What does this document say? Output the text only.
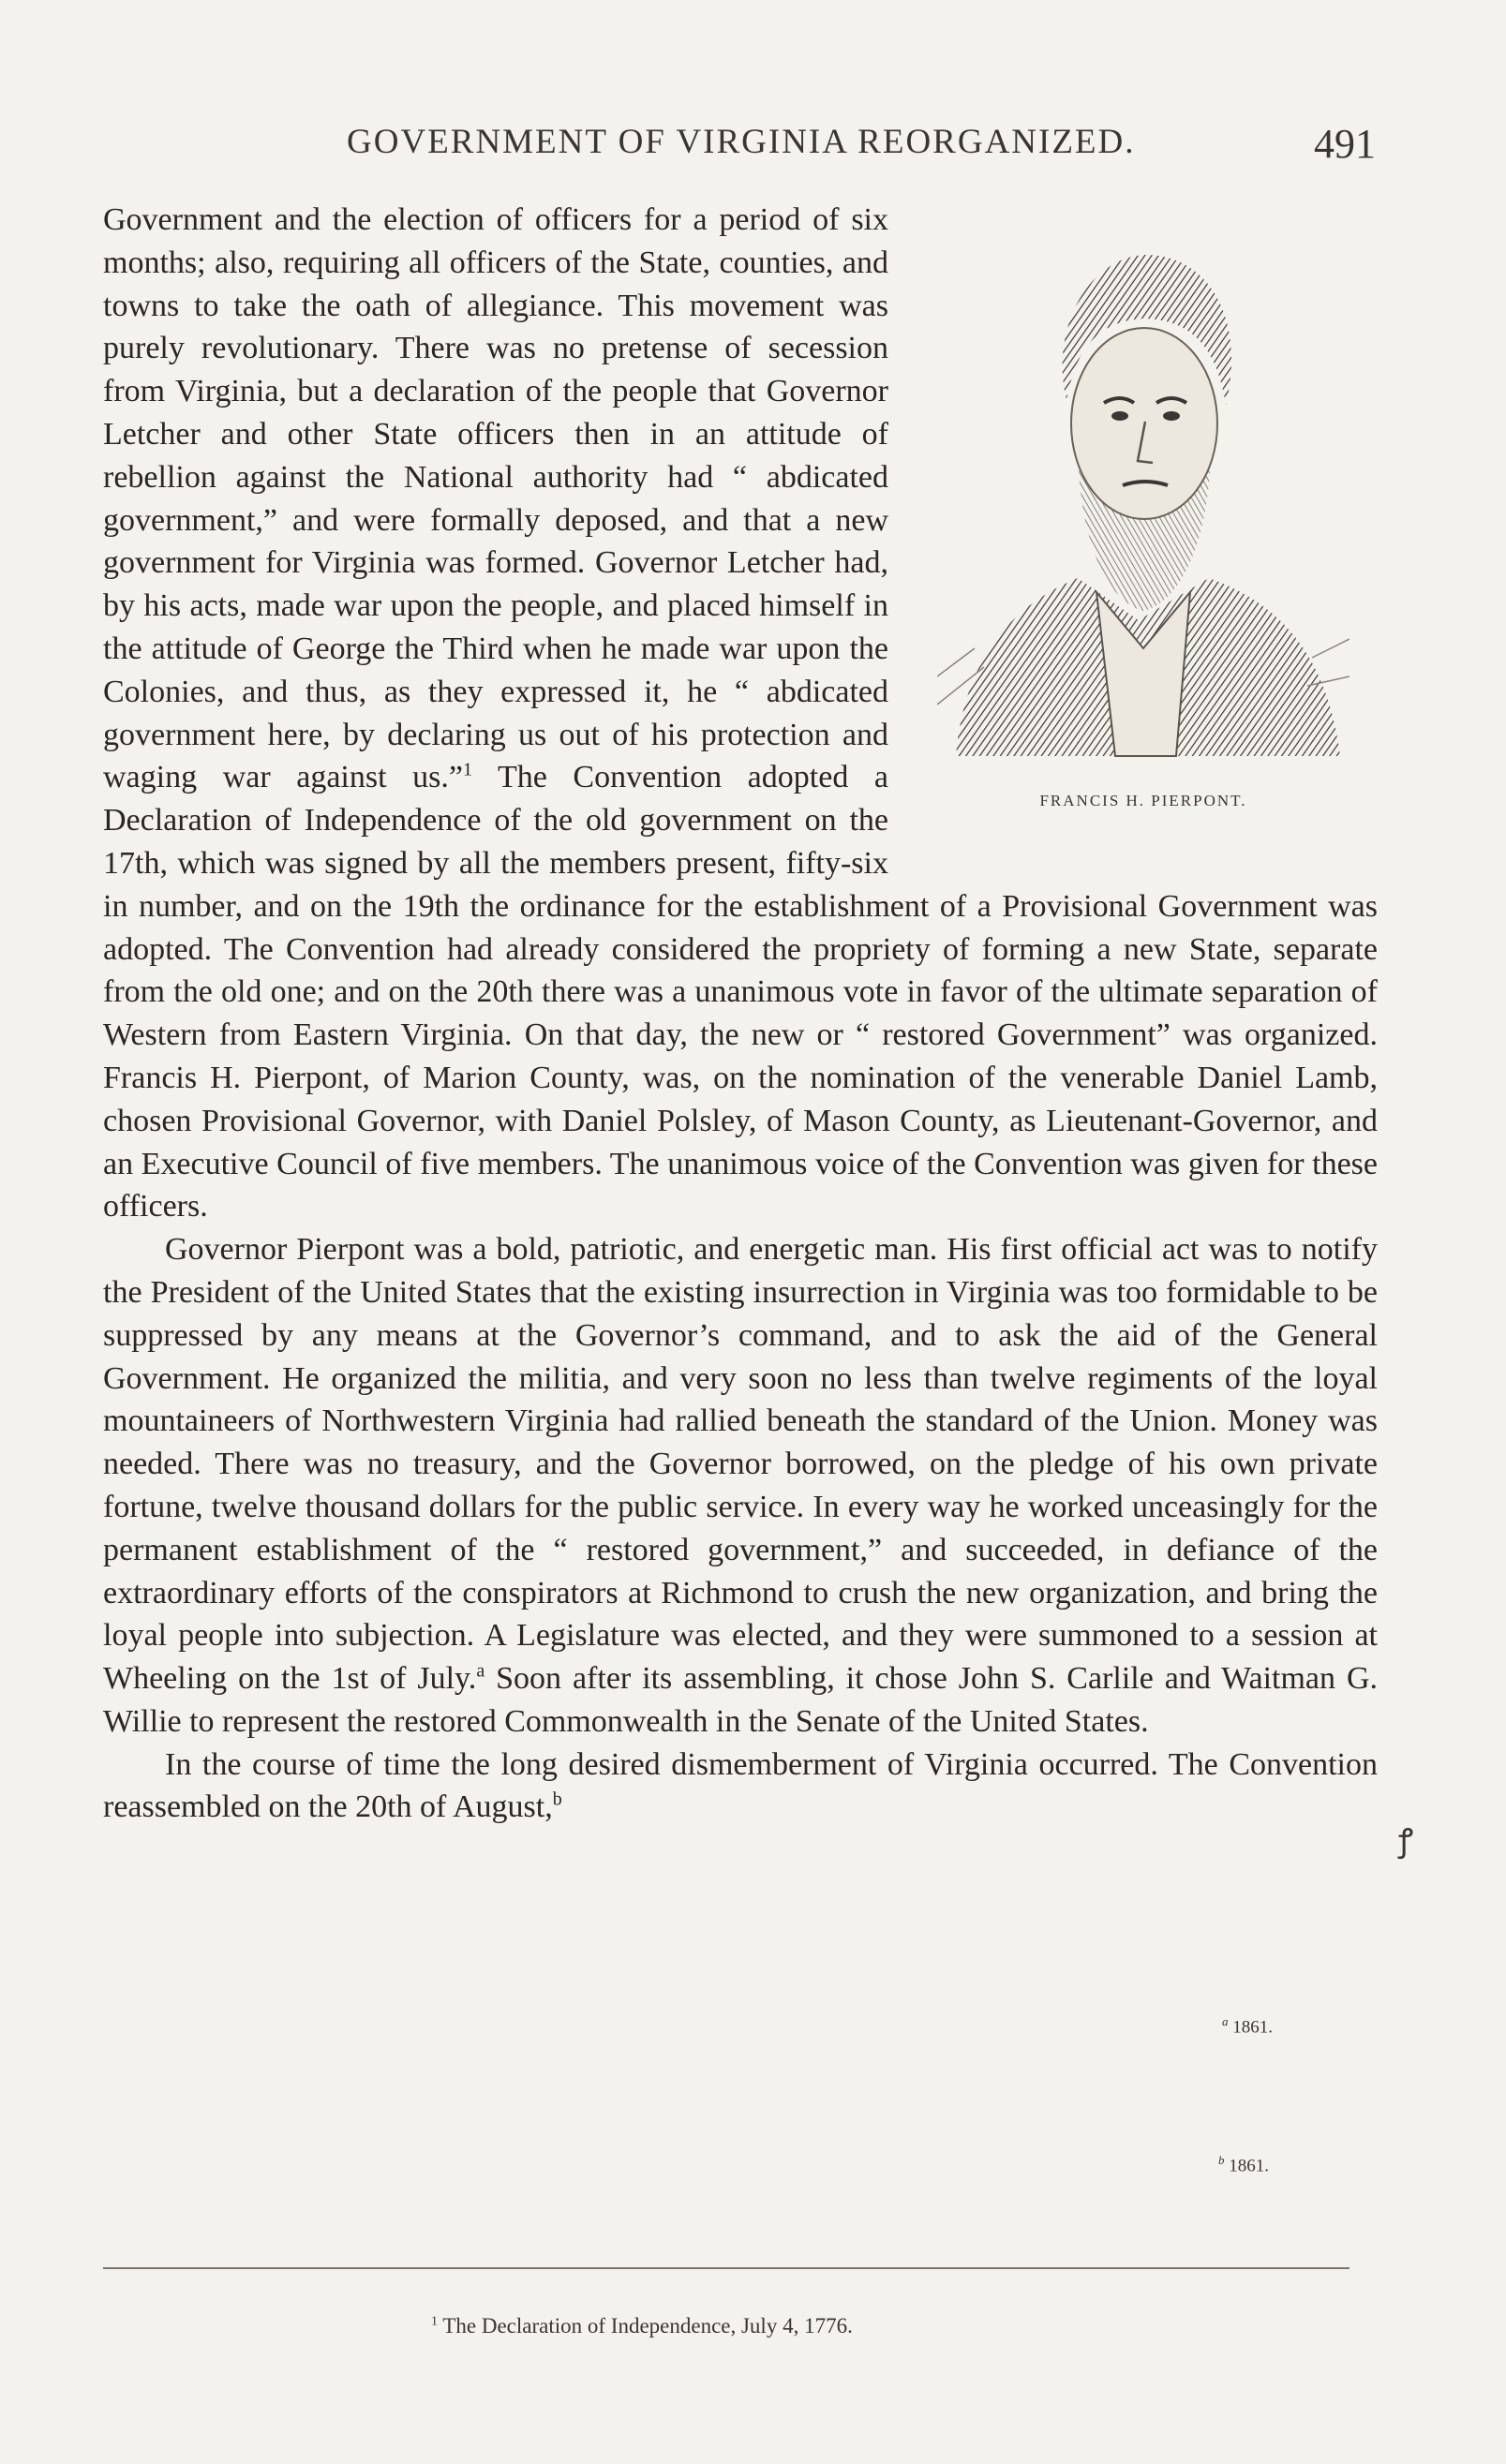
GOVERNMENT OF VIRGINIA REORGANIZED.	491

FRANCIS H. PIERPONT.
Government and the election of officers for a period of six months; also, requiring all officers of the State, counties, and towns to take the oath of allegiance. This movement was purely revolutionary. There was no pretense of secession from Virginia, but a declaration of the people that Governor Letcher and other State officers then in an attitude of rebellion against the National authority had “ abdicated government,” and were formally deposed, and that a new government for Virginia was formed. Governor Letcher had, by his acts, made war upon the people, and placed himself in the attitude of George the Third when he made war upon the Colonies, and thus, as they expressed it, he “ abdicated government here, by declaring us out of his protection and waging war against us.”$^1$ The Convention adopted a Declaration of Independence of the old government on the 17th, which was signed by all the members present, fifty-six in number, and on the 19th the ordinance for the establishment of a Provisional Government was adopted. The Convention had already considered the propriety of forming a new State, separate from the old one; and on the 20th there was a unanimous vote in favor of the ultimate separation of Western from Eastern Virginia. On that day, the new or “ restored Government” was organized. Francis H. Pierpont, of Marion County, was, on the nomination of the venerable Daniel Lamb, chosen Provisional Governor, with Daniel Polsley, of Mason County, as Lieutenant-Governor, and an Executive Council of five members. The unanimous voice of the Convention was given for these officers.

Governor Pierpont was a bold, patriotic, and energetic man. His first official act was to notify the President of the United States that the existing insurrection in Virginia was too formidable to be suppressed by any means at the Governor’s command, and to ask the aid of the General Government. He organized the militia, and very soon no less than twelve regiments of the loyal mountaineers of Northwestern Virginia had rallied beneath the standard of the Union. Money was needed. There was no treasury, and the Governor borrowed, on the pledge of his own private fortune, twelve thousand dollars for the public service. In every way he worked unceasingly for the permanent establishment of the “ restored government,” and succeeded, in defiance of the extraordinary efforts of the conspirators at Richmond to crush the new organization, and bring the loyal people into subjection. A Legislature was elected, and they were summoned to a session at Wheeling on the 1st of July.$^a$ Soon after its assembling, it chose John S. Carlile and Waitman G. Willie to represent the restored Commonwealth in the Senate of the United States.

In the course of time the long desired dismemberment of Virginia occurred. The Convention reassembled on the 20th of August,$^b$

$^a$ 1861.
$^b$ 1861.
ꝭ
$^1$ The Declaration of Independence, July 4, 1776.
